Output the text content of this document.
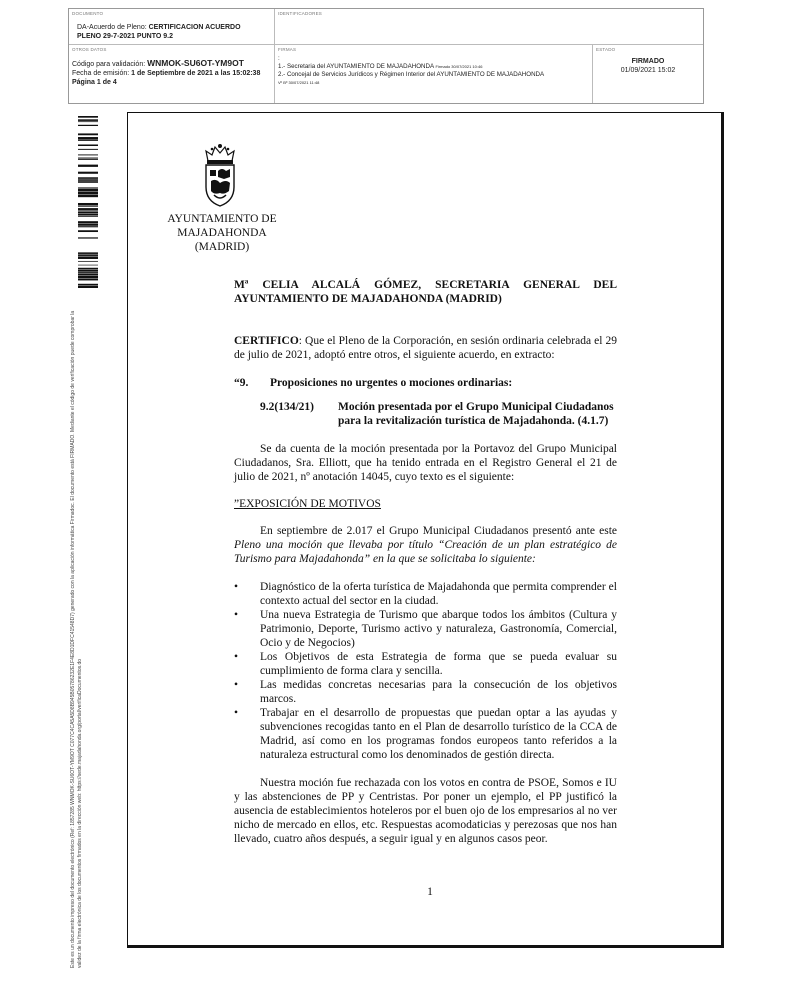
DOCUMENTO
DA-Acuerdo de Pleno: CERTIFICACION ACUERDO
PLENO 29-7-2021 PUNTO 9.2
IDENTIFICADORES
OTROS DATOS
Código para validación: WNMOK-SU6OT-YM9OT
Fecha de emisión: 1 de Septiembre de 2021 a las 15:02:38
Página 1 de 4
FIRMAS
:
1.- Secretaria del AYUNTAMIENTO DE MAJADAHONDA Firmado 30/07/2021 10:46
2.- Concejal de Servicios Jurídicos y Régimen Interior del AYUNTAMIENTO DE MAJADAHONDA
Vº Bº 30/07/2021 11:48
ESTADO
FIRMADO
01/09/2021 15:02
Este es un documento impreso del documento electrónico (Ref: 1857285 WNMOK-SU6OT-YM9OT C077C4CA5A5D8B945B05786232E1F4E8D1DFC41548D7) generado con la aplicación informática Firmadoc. El documento está FIRMADO. Mediante el código de verificación puede comprobar la validez de la firma electrónica de los documentos firmados en la dirección web: https://sede.majadahonda.org/portal/verificaDocumentos.do
AYUNTAMIENTO DE
MAJADAHONDA
(MADRID)

Mª CELIA ALCALÁ GÓMEZ, SECRETARIA GENERAL DEL AYUNTAMIENTO DE MAJADAHONDA (MADRID)

CERTIFICO: Que el Pleno de la Corporación, en sesión ordinaria celebrada el 29 de julio de 2021, adoptó entre otros, el siguiente acuerdo, en extracto:

“9.	Proposiciones no urgentes o mociones ordinarias:
9.2(134/21)	Moción presentada por el Grupo Municipal Ciudadanos para la revitalización turística de Majadahonda. (4.1.7)

Se da cuenta de la moción presentada por la Portavoz del Grupo Municipal Ciudadanos, Sra. Elliott, que ha tenido entrada en el Registro General el 21 de julio de 2021, nº anotación 14045, cuyo texto es el siguiente:

”EXPOSICIÓN DE MOTIVOS

En septiembre de 2.017 el Grupo Municipal Ciudadanos presentó ante este Pleno una moción que llevaba por título “Creación de un plan estratégico de Turismo para Majadahonda” en la que se solicitaba lo siguiente:

• Diagnóstico de la oferta turística de Majadahonda que permita comprender el contexto actual del sector en la ciudad.
• Una nueva Estrategia de Turismo que abarque todos los ámbitos (Cultura y Patrimonio, Deporte, Turismo activo y naturaleza, Gastronomía, Comercial, Ocio y de Negocios)
• Los Objetivos de esta Estrategia de forma que se pueda evaluar su cumplimiento de forma clara y sencilla.
• Las medidas concretas necesarias para la consecución de los objetivos marcos.
• Trabajar en el desarrollo de propuestas que puedan optar a las ayudas y subvenciones recogidas tanto en el Plan de desarrollo turístico de la CCA de Madrid, así como en los programas fondos europeos tanto referidos a la naturaleza estructural como los denominados de gestión directa.

Nuestra moción fue rechazada con los votos en contra de PSOE, Somos e IU y las abstenciones de PP y Centristas. Por poner un ejemplo, el PP justificó la ausencia de establecimientos hoteleros por el buen ojo de los empresarios al no ver nicho de mercado en ellos, etc. Respuestas acomodaticias y perezosas que nos han llevado, cuatro años después, a seguir igual y en algunos casos peor.

1
